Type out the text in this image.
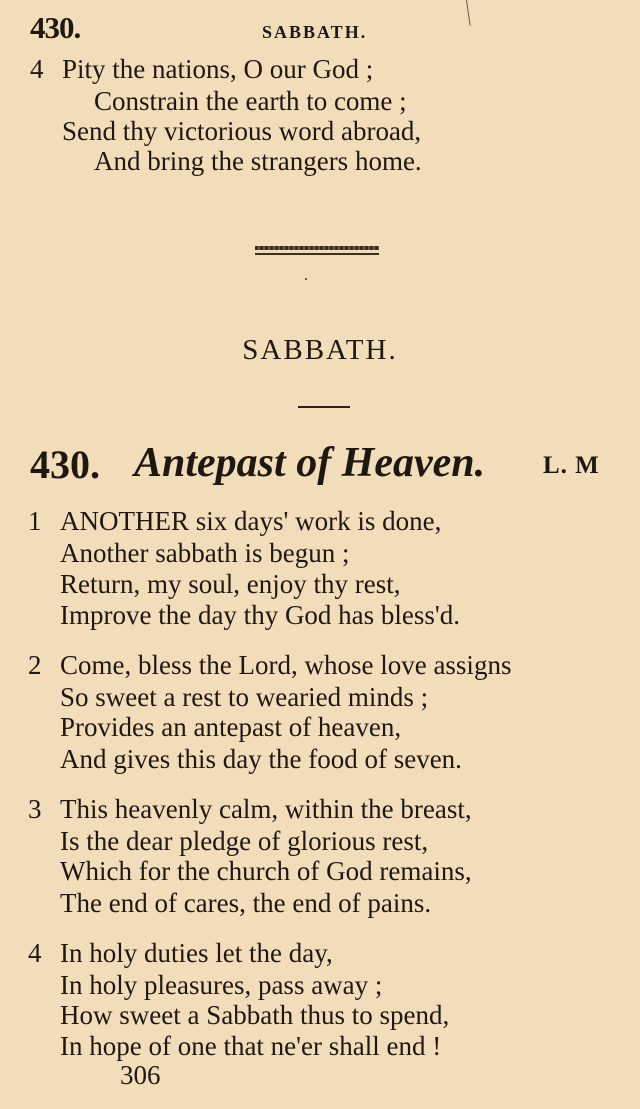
430.	SABBATH.
4 Pity the nations, O our God ;
Constrain the earth to come ;
Send thy victorious word abroad,
And bring the strangers home.
SABBATH.
430. Antepast of Heaven. L. M
1 ANOTHER six days' work is done,
Another sabbath is begun ;
Return, my soul, enjoy thy rest,
Improve the day thy God has bless'd.
2 Come, bless the Lord, whose love assigns
So sweet a rest to wearied minds ;
Provides an antepast of heaven,
And gives this day the food of seven.
3 This heavenly calm, within the breast,
Is the dear pledge of glorious rest,
Which for the church of God remains,
The end of cares, the end of pains.
4 In holy duties let the day,
In holy pleasures, pass away ;
How sweet a Sabbath thus to spend,
In hope of one that ne'er shall end !
306
